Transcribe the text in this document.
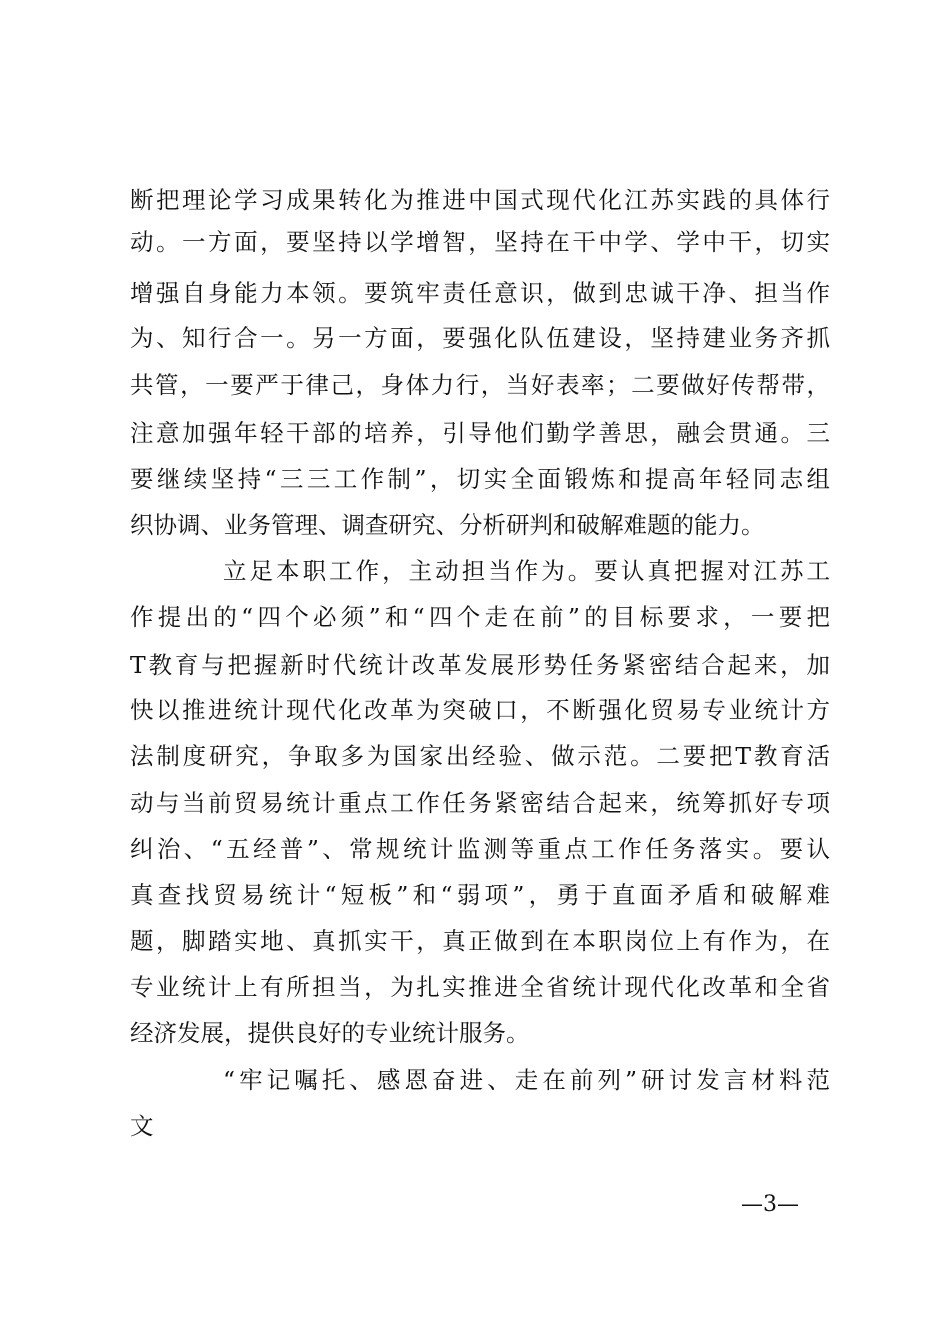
断把理论学习成果转化为推进中国式现代化江苏实践的具体行
动。一方面，要坚持以学增智，坚持在干中学、学中干，切实
增强自身能力本领。要筑牢责任意识，做到忠诚干净、担当作
为、知行合一。另一方面，要强化队伍建设，坚持建业务齐抓
共管，一要严于律己，身体力行，当好表率；二要做好传帮带，
注意加强年轻干部的培养，引导他们勤学善思，融会贯通。三
要继续坚持“三三工作制”，切实全面锻炼和提高年轻同志组
织协调、业务管理、调查研究、分析研判和破解难题的能力。
立足本职工作，主动担当作为。要认真把握对江苏工
作提出的“四个必须”和“四个走在前”的目标要求，一要把
T教育与把握新时代统计改革发展形势任务紧密结合起来，加
快以推进统计现代化改革为突破口，不断强化贸易专业统计方
法制度研究，争取多为国家出经验、做示范。二要把T教育活
动与当前贸易统计重点工作任务紧密结合起来，统筹抓好专项
纠治、“五经普”、常规统计监测等重点工作任务落实。要认
真查找贸易统计“短板”和“弱项”，勇于直面矛盾和破解难
题，脚踏实地、真抓实干，真正做到在本职岗位上有作为，在
专业统计上有所担当，为扎实推进全省统计现代化改革和全省
经济发展，提供良好的专业统计服务。
“牢记嘱托、感恩奋进、走在前列”研讨发言材料范
文
—3—
